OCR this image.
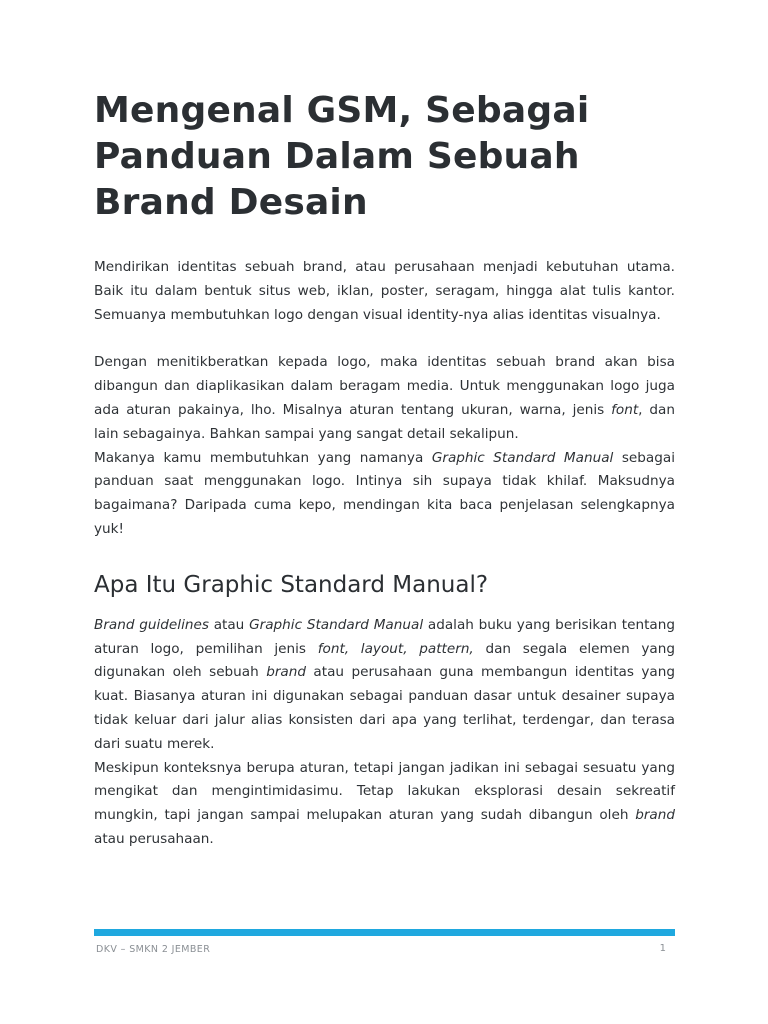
Mengenal GSM, Sebagai Panduan Dalam Sebuah Brand Desain

Mendirikan identitas sebuah brand, atau perusahaan menjadi kebutuhan utama. Baik itu dalam bentuk situs web, iklan, poster, seragam, hingga alat tulis kantor. Semuanya membutuhkan logo dengan visual identity-nya alias identitas visualnya.

Dengan menitikberatkan kepada logo, maka identitas sebuah brand akan bisa dibangun dan diaplikasikan dalam beragam media. Untuk menggunakan logo juga ada aturan pakainya, lho. Misalnya aturan tentang ukuran, warna, jenis font, dan lain sebagainya. Bahkan sampai yang sangat detail sekalipun.

Makanya kamu membutuhkan yang namanya Graphic Standard Manual sebagai panduan saat menggunakan logo. Intinya sih supaya tidak khilaf. Maksudnya bagaimana? Daripada cuma kepo, mendingan kita baca penjelasan selengkapnya yuk!

Apa Itu Graphic Standard Manual?

Brand guidelines atau Graphic Standard Manual adalah buku yang berisikan tentang aturan logo, pemilihan jenis font, layout, pattern, dan segala elemen yang digunakan oleh sebuah brand atau perusahaan guna membangun identitas yang kuat. Biasanya aturan ini digunakan sebagai panduan dasar untuk desainer supaya tidak keluar dari jalur alias konsisten dari apa yang terlihat, terdengar, dan terasa dari suatu merek.

Meskipun konteksnya berupa aturan, tetapi jangan jadikan ini sebagai sesuatu yang mengikat dan mengintimidasimu. Tetap lakukan eksplorasi desain sekreatif mungkin, tapi jangan sampai melupakan aturan yang sudah dibangun oleh brand atau perusahaan.

DKV – SMKN 2 JEMBER	1
